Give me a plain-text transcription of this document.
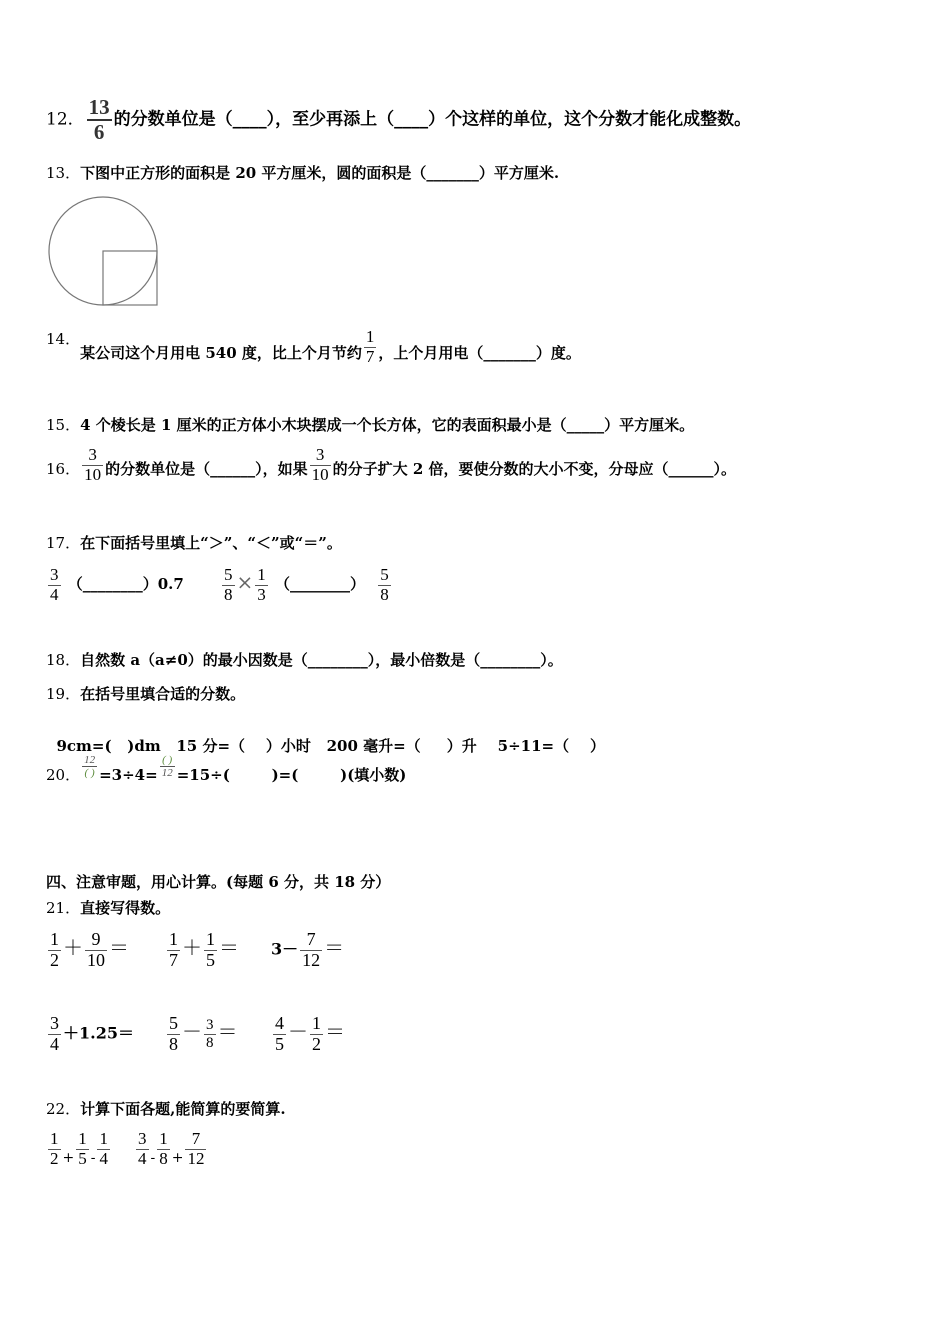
12． $\frac{13}{6}$ 的分数单位是（____），至少再添上（____）个这样的单位，这个分数才能化成整数。
13．下图中正方形的面积是 20 平方厘米，圆的面积是（_______）平方厘米.
14．某公司这个月用电 540 度，比上个月节约 $\frac{1}{7}$ ，上个月用电（_______）度。
15．4 个棱长是 1 厘米的正方体小木块摆成一个长方体，它的表面积最小是（_____）平方厘米。
16． $\frac{3}{10}$ 的分数单位是（______），如果 $\frac{3}{10}$ 的分子扩大 2 倍，要使分数的大小不变，分母应（______）。
17．在下面括号里填上“＞”、“＜”或“＝”。
$\frac{3}{4}$ （________）0.7 $\frac{5}{8} \times \frac{1}{3}$ （________） $\frac{5}{8}$
18．自然数 a（a≠0）的最小因数是（________），最小倍数是（________）。
19．在括号里填合适的分数。

9cm=(   )dm   15 分=（    ）小时   200 毫升=（     ）升    5÷11=（    ）

20． $\frac{12}{( )} =3\div 4= \frac{( )}{12} =15\div$(        )=(        )(填小数)
四、注意审题，用心计算。(每题 6 分，共 18 分）
21．直接写得数。
$\frac{1}{2} + \frac{9}{10} = \frac{1}{7} + \frac{1}{5} = 3- \frac{7}{12}$ ＝
$\frac{3}{4} +1.25= \frac{5}{8} - \frac{3}{8} = \frac{4}{5} - \frac{1}{2}$ ＝
22．计算下面各题,能简算的要简算.
$\frac{1}{2} + \frac{1}{5} - \frac{1}{4} \frac{3}{4} - \frac{1}{8} + \frac{7}{12}$
